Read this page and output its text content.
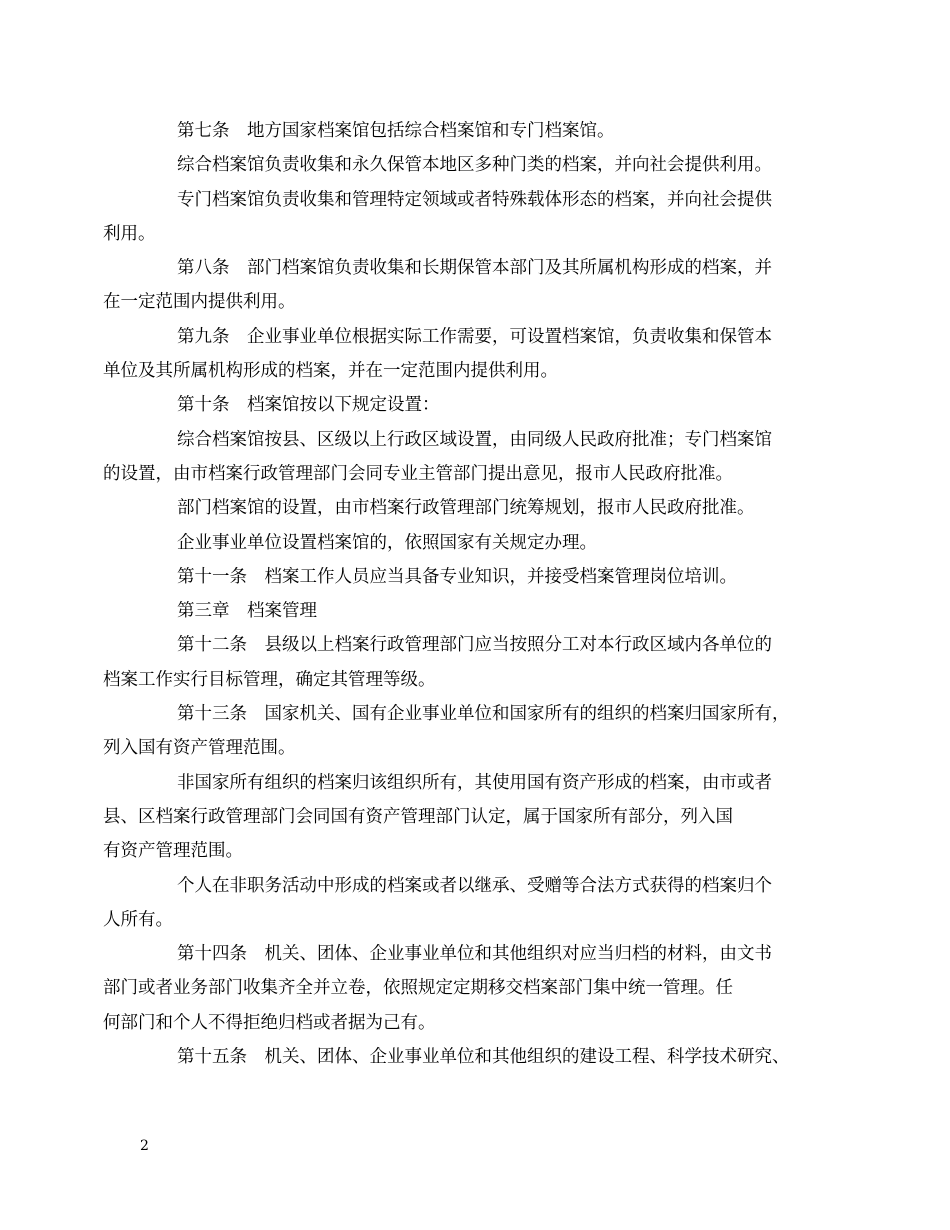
第七条　地方国家档案馆包括综合档案馆和专门档案馆。

综合档案馆负责收集和永久保管本地区多种门类的档案，并向社会提供利用。

专门档案馆负责收集和管理特定领域或者特殊载体形态的档案，并向社会提供
利用。

第八条　部门档案馆负责收集和长期保管本部门及其所属机构形成的档案，并
在一定范围内提供利用。

第九条　企业事业单位根据实际工作需要，可设置档案馆，负责收集和保管本
单位及其所属机构形成的档案，并在一定范围内提供利用。

第十条　档案馆按以下规定设置：

综合档案馆按县、区级以上行政区域设置，由同级人民政府批准；专门档案馆
的设置，由市档案行政管理部门会同专业主管部门提出意见，报市人民政府批准。

部门档案馆的设置，由市档案行政管理部门统筹规划，报市人民政府批准。

企业事业单位设置档案馆的，依照国家有关规定办理。

第十一条　档案工作人员应当具备专业知识，并接受档案管理岗位培训。

第三章　档案管理

第十二条　县级以上档案行政管理部门应当按照分工对本行政区域内各单位的
档案工作实行目标管理，确定其管理等级。

第十三条　国家机关、国有企业事业单位和国家所有的组织的档案归国家所有，
列入国有资产管理范围。

非国家所有组织的档案归该组织所有，其使用国有资产形成的档案，由市或者
县、区档案行政管理部门会同国有资产管理部门认定，属于国家所有部分，列入国
有资产管理范围。

个人在非职务活动中形成的档案或者以继承、受赠等合法方式获得的档案归个
人所有。

第十四条　机关、团体、企业事业单位和其他组织对应当归档的材料，由文书
部门或者业务部门收集齐全并立卷，依照规定定期移交档案部门集中统一管理。任
何部门和个人不得拒绝归档或者据为己有。

第十五条　机关、团体、企业事业单位和其他组织的建设工程、科学技术研究、

2
